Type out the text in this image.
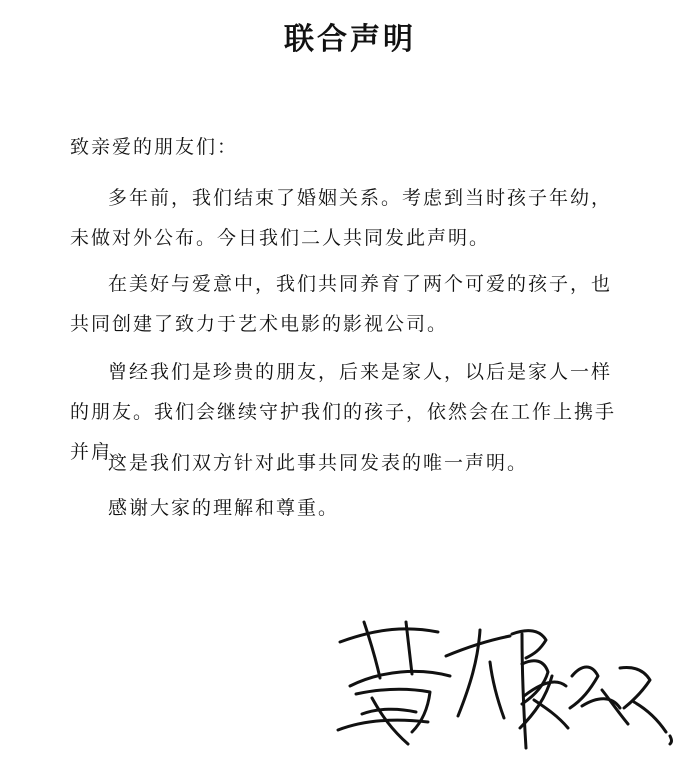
联合声明

致亲爱的朋友们：

多年前，我们结束了婚姻关系。考虑到当时孩子年幼，未做对外公布。今日我们二人共同发此声明。

在美好与爱意中，我们共同养育了两个可爱的孩子，也共同创建了致力于艺术电影的影视公司。

曾经我们是珍贵的朋友，后来是家人，以后是家人一样的朋友。我们会继续守护我们的孩子，依然会在工作上携手并肩。

这是我们双方针对此事共同发表的唯一声明。

感谢大家的理解和尊重。
